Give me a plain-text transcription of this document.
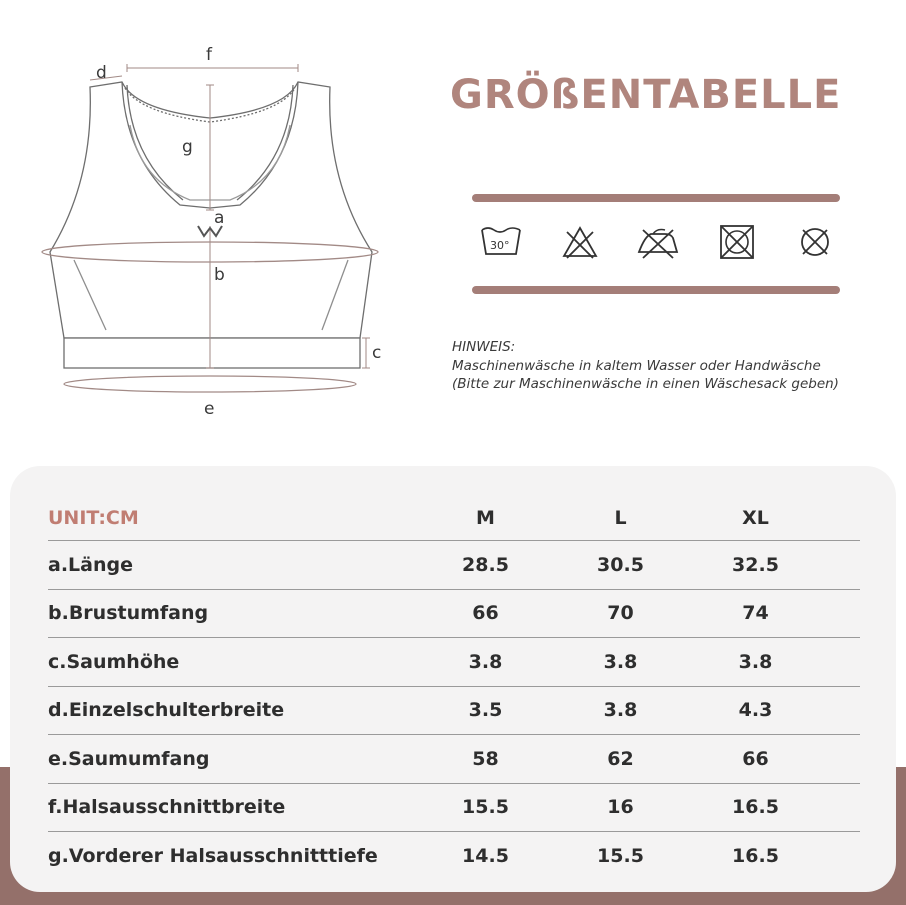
f
d
g
a
b
c
e
GRÖßENTABELLE
30°
HINWEIS:
Maschinenwäsche in kaltem Wasser oder Handwäsche
(Bitte zur Maschinenwäsche in einen Wäschesack geben)
UNIT:CM	M	L	XL
a.Länge	28.5	30.5	32.5
b.Brustumfang	66	70	74
c.Saumhöhe	3.8	3.8	3.8
d.Einzelschulterbreite	3.5	3.8	4.3
e.Saumumfang	58	62	66
f.Halsausschnittbreite	15.5	16	16.5
g.Vorderer Halsausschnitttiefe	14.5	15.5	16.5
